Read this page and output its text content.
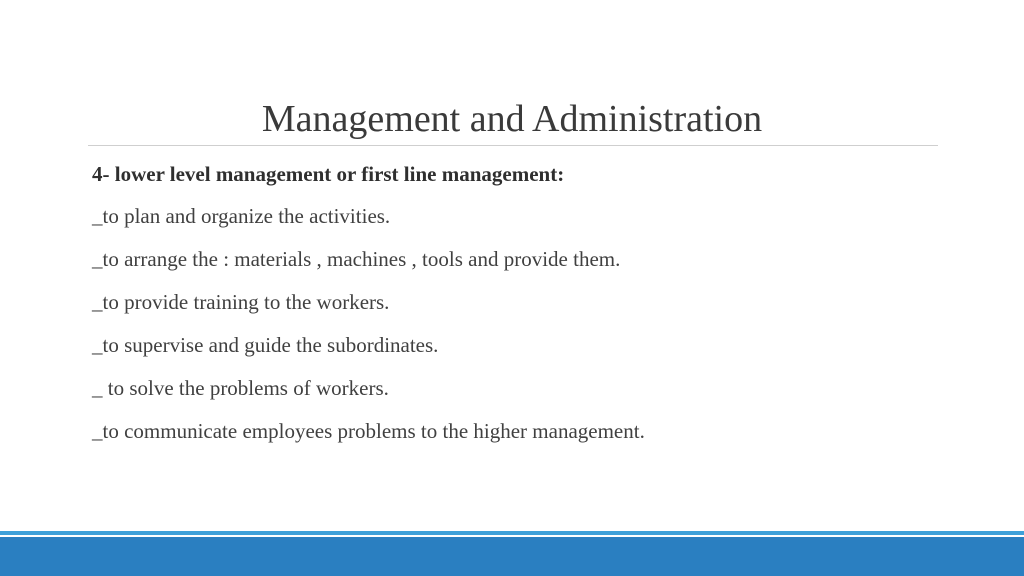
Management and Administration
4- lower level management or first line management:
_to plan and organize the activities.
_to arrange the : materials , machines , tools and provide them.
_to provide training to the workers.
_to supervise and guide the subordinates.
_ to solve the problems of workers.
_to communicate employees problems to the higher management.
